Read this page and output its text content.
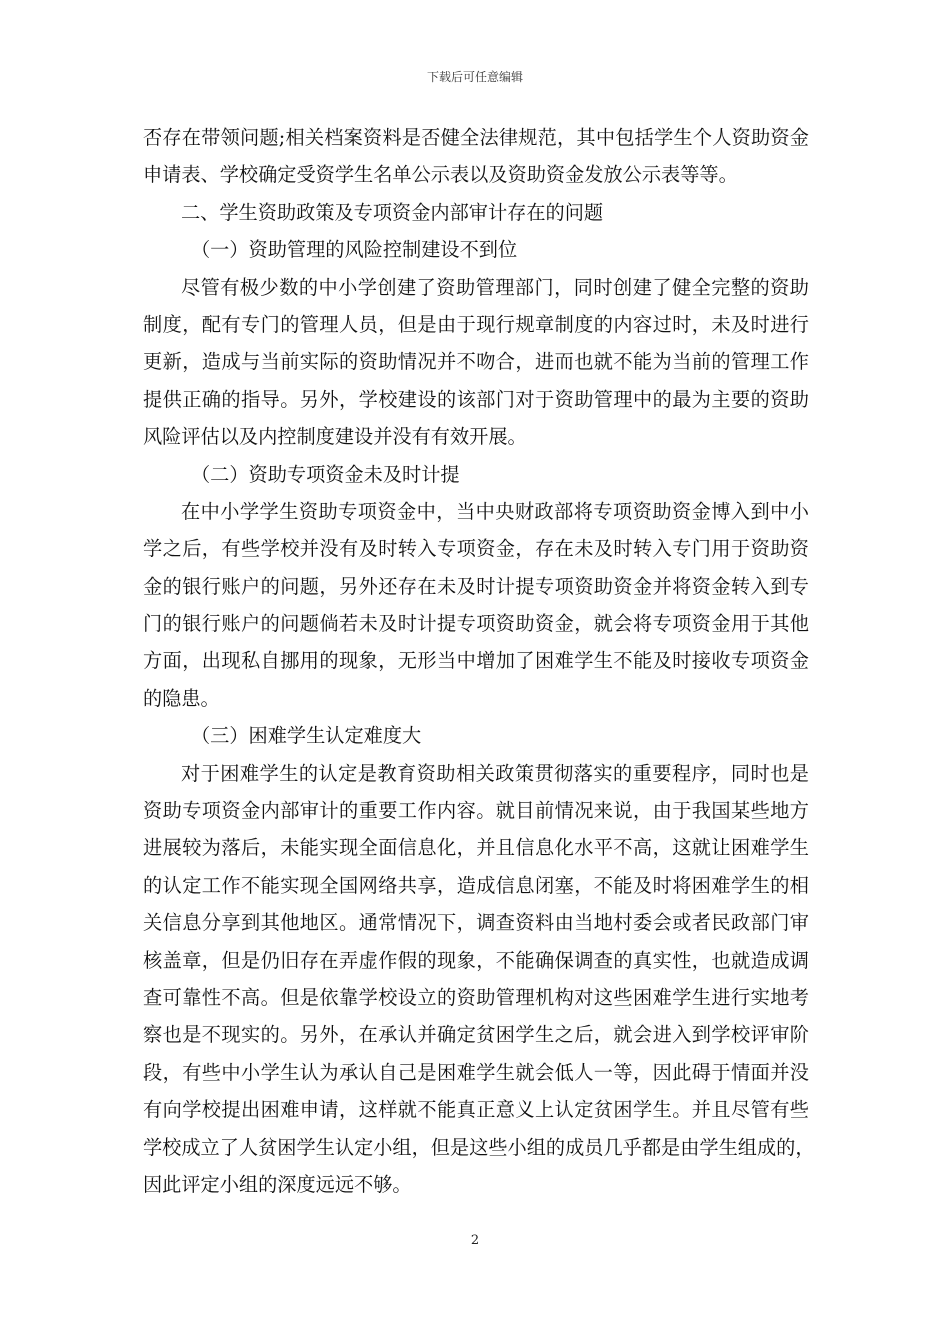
下载后可任意编辑

否存在带领问题;相关档案资料是否健全法律规范，其中包括学生个人资助资金

申请表、学校确定受资学生名单公示表以及资助资金发放公示表等等。

二、学生资助政策及专项资金内部审计存在的问题

（一）资助管理的风险控制建设不到位

尽管有极少数的中小学创建了资助管理部门，同时创建了健全完整的资助

制度，配有专门的管理人员，但是由于现行规章制度的内容过时，未及时进行

更新，造成与当前实际的资助情况并不吻合，进而也就不能为当前的管理工作

提供正确的指导。另外，学校建设的该部门对于资助管理中的最为主要的资助

风险评估以及内控制度建设并没有有效开展。

（二）资助专项资金未及时计提

在中小学学生资助专项资金中，当中央财政部将专项资助资金博入到中小

学之后，有些学校并没有及时转入专项资金，存在未及时转入专门用于资助资

金的银行账户的问题，另外还存在未及时计提专项资助资金并将资金转入到专

门的银行账户的问题倘若未及时计提专项资助资金，就会将专项资金用于其他

方面，出现私自挪用的现象，无形当中增加了困难学生不能及时接收专项资金

的隐患。

（三）困难学生认定难度大

对于困难学生的认定是教育资助相关政策贯彻落实的重要程序，同时也是

资助专项资金内部审计的重要工作内容。就目前情况来说，由于我国某些地方

进展较为落后，未能实现全面信息化，并且信息化水平不高，这就让困难学生

的认定工作不能实现全国网络共享，造成信息闭塞，不能及时将困难学生的相

关信息分享到其他地区。通常情况下，调查资料由当地村委会或者民政部门审

核盖章，但是仍旧存在弄虚作假的现象，不能确保调查的真实性，也就造成调

查可靠性不高。但是依靠学校设立的资助管理机构对这些困难学生进行实地考

察也是不现实的。另外，在承认并确定贫困学生之后，就会进入到学校评审阶

段，有些中小学生认为承认自己是困难学生就会低人一等，因此碍于情面并没

有向学校提出困难申请，这样就不能真正意义上认定贫困学生。并且尽管有些

学校成立了人贫困学生认定小组，但是这些小组的成员几乎都是由学生组成的，

因此评定小组的深度远远不够。

2
